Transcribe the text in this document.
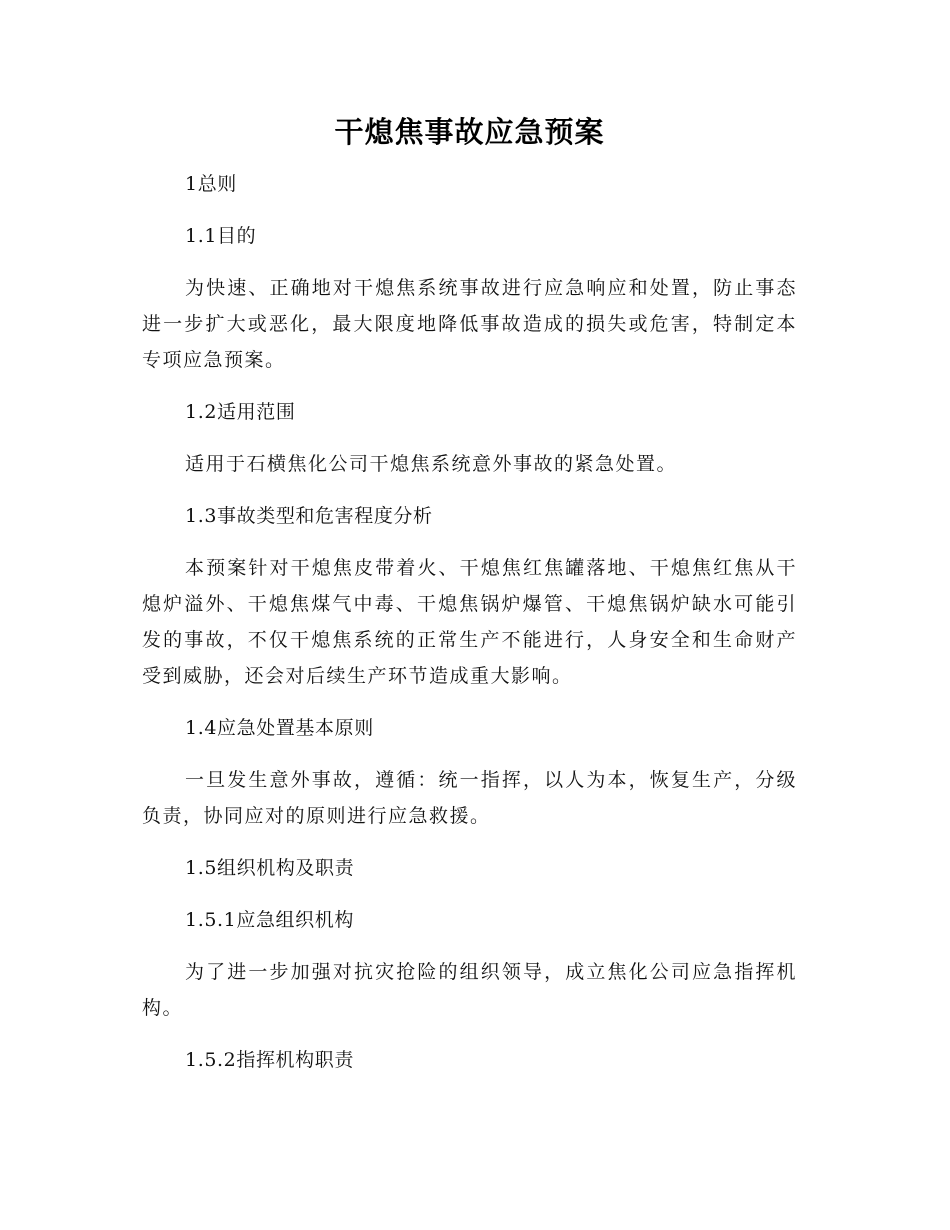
干熄焦事故应急预案
1总则
1.1目的

为快速、正确地对干熄焦系统事故进行应急响应和处置，防止事态进一步扩大或恶化，最大限度地降低事故造成的损失或危害，特制定本专项应急预案。

1.2适用范围

适用于石横焦化公司干熄焦系统意外事故的紧急处置。

1.3事故类型和危害程度分析

本预案针对干熄焦皮带着火、干熄焦红焦罐落地、干熄焦红焦从干熄炉溢外、干熄焦煤气中毒、干熄焦锅炉爆管、干熄焦锅炉缺水可能引发的事故，不仅干熄焦系统的正常生产不能进行，人身安全和生命财产受到威胁，还会对后续生产环节造成重大影响。

1.4应急处置基本原则

一旦发生意外事故，遵循：统一指挥，以人为本，恢复生产，分级负责，协同应对的原则进行应急救援。

1.5组织机构及职责
1.5.1应急组织机构

为了进一步加强对抗灾抢险的组织领导，成立焦化公司应急指挥机构。

1.5.2指挥机构职责
